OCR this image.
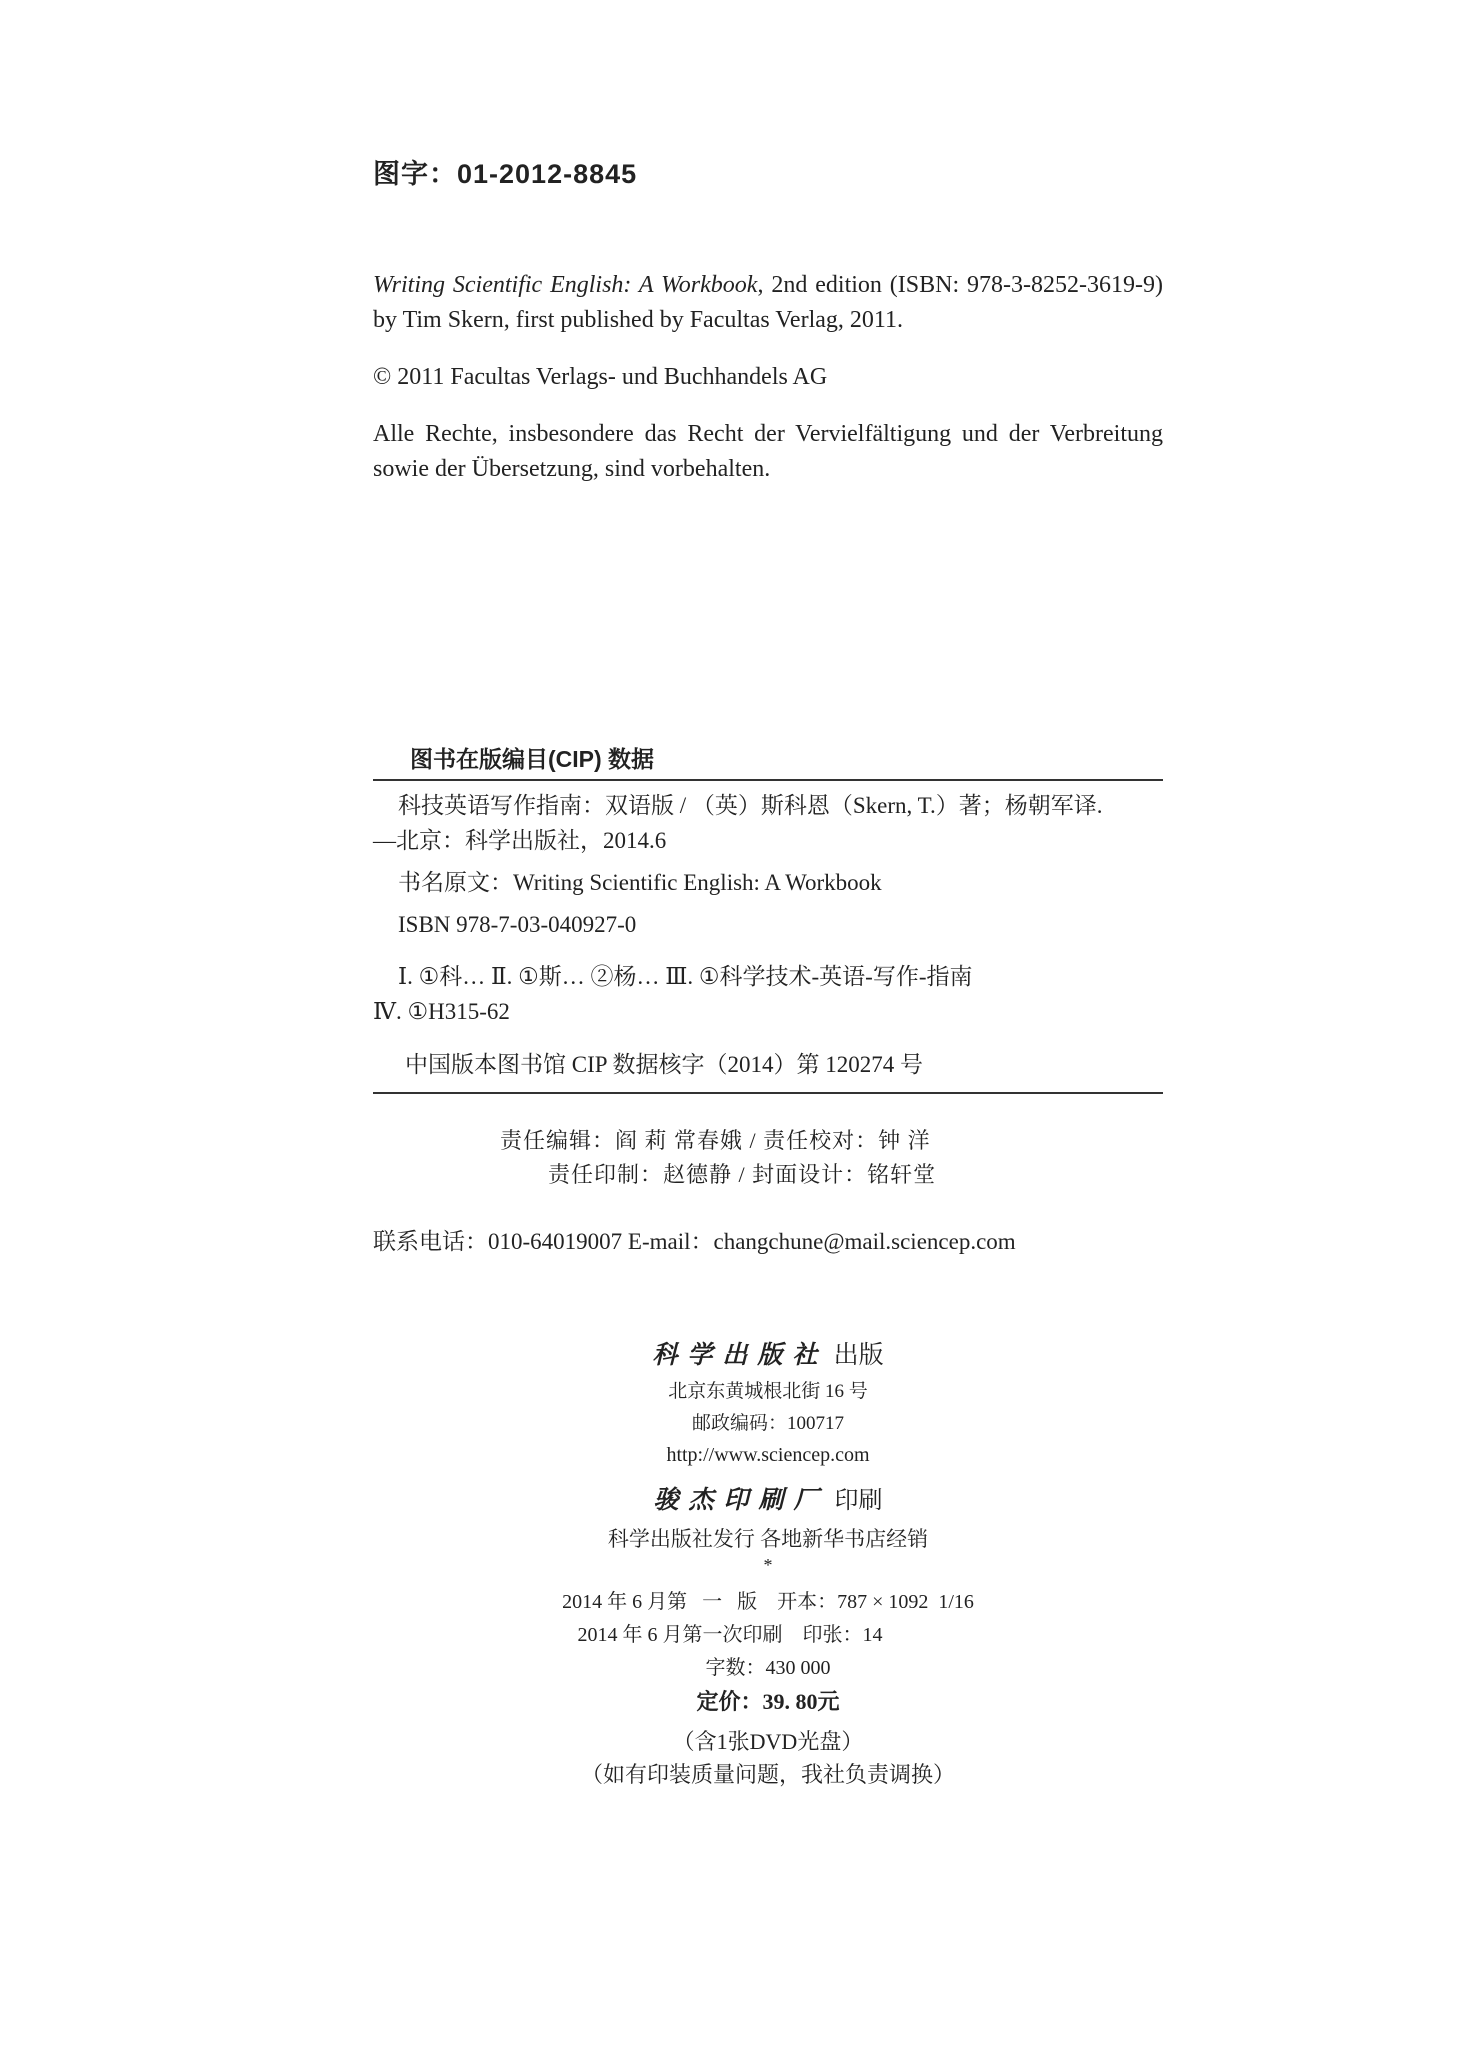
图字：01-2012-8845

Writing Scientific English: A Workbook, 2nd edition (ISBN: 978-3-8252-3619-9) by Tim Skern, first published by Facultas Verlag, 2011.

© 2011 Facultas Verlags- und Buchhandels AG

Alle Rechte, insbesondere das Recht der Vervielfältigung und der Verbreitung sowie der Übersetzung, sind vorbehalten.

图书在版编目(CIP) 数据
科技英语写作指南：双语版 / （英）斯科恩（Skern, T.）著；杨朝军译.
—北京：科学出版社，2014.6
书名原文：Writing Scientific English: A Workbook
ISBN 978-7-03-040927-0
Ⅰ. ①科… Ⅱ. ①斯… ②杨… Ⅲ. ①科学技术-英语-写作-指南
Ⅳ. ①H315-62
中国版本图书馆 CIP 数据核字（2014）第 120274 号
责任编辑：阎 莉 常春娥 / 责任校对：钟 洋
责任印制：赵德静 / 封面设计：铭轩堂
联系电话：010-64019007 E-mail：changchune@mail.sciencep.com
科学出版社 出版
北京东黄城根北街 16 号
邮政编码：100717
http://www.sciencep.com
骏杰印刷厂 印刷
科学出版社发行 各地新华书店经销
*
2014 年 6 月第   一   版    开本：787 × 1092  1/16
2014 年 6 月第一次印刷    印张：14
字数：430 000
定价：39. 80元
（含1张DVD光盘）
（如有印装质量问题，我社负责调换）
